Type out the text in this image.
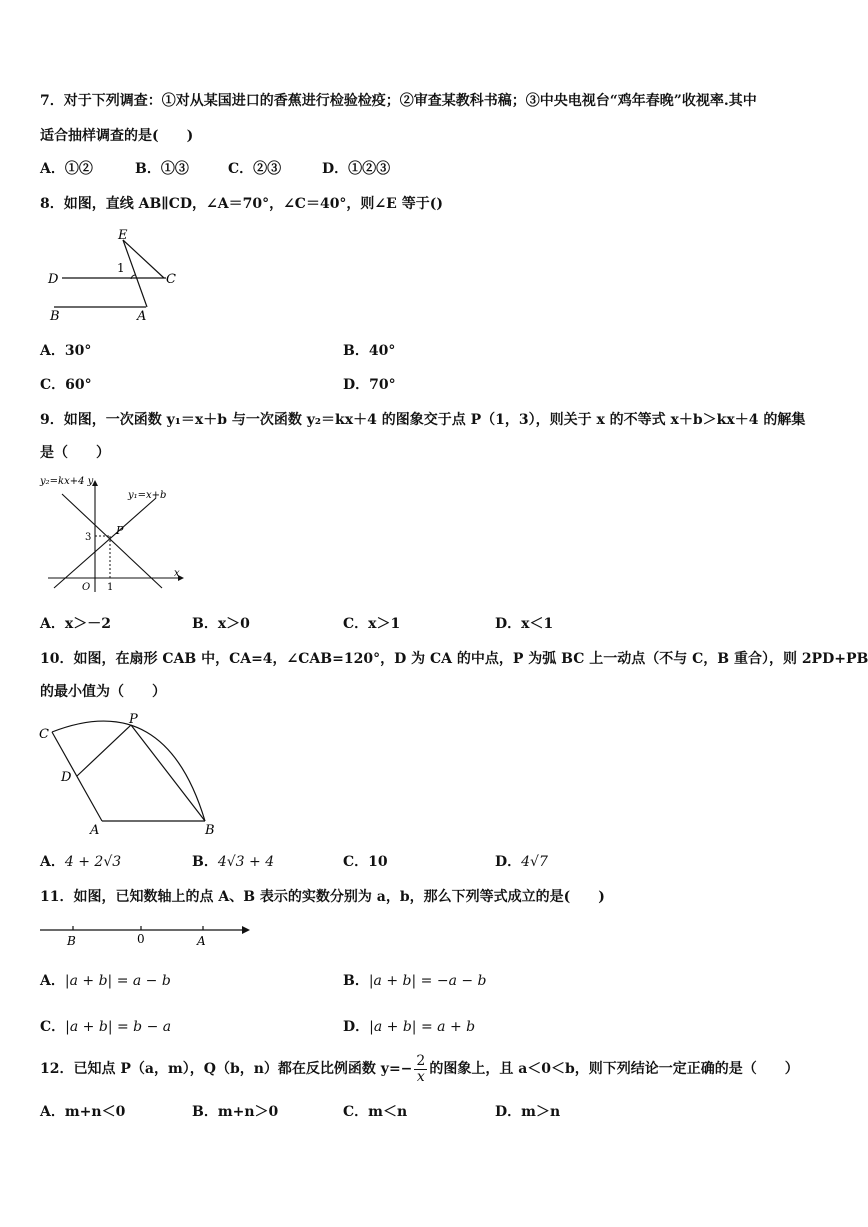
7．对于下列调查：①对从某国进口的香蕉进行检验检疫；②审查某教科书稿；③中央电视台“鸡年春晚”收视率.其中
适合抽样调查的是(　　)
A．①②	B．①③	C．②③	D．①②③
8．如图，直线 AB∥CD，∠A＝70°，∠C＝40°，则∠E 等于()
E
1
D	C
B	A
A．30°	B．40°
C．60°	D．70°
9．如图，一次函数 y₁＝x＋b 与一次函数 y₂＝kx＋4 的图象交于点 P（1，3），则关于 x 的不等式 x＋b＞kx＋4 的解集
是（　　）
y₂=kx+4 y
y₁=x+b
P
3
O 1
x
A．x＞－2	B．x＞0	C．x＞1	D．x＜1
10．如图，在扇形 CAB 中，CA=4，∠CAB=120°，D 为 CA 的中点，P 为弧 BC 上一动点（不与 C，B 重合），则 2PD+PB
的最小值为（　　）
C
P
D
A	B
A．4 + 2√3	B．4√3 + 4	C．10	D．4√7
11．如图，已知数轴上的点 A、B 表示的实数分别为 a，b，那么下列等式成立的是(　　)
B	0	A
A．|a + b| = a − b	B．|a + b| = −a − b
C．|a + b| = b − a	D．|a + b| = a + b
12．已知点 P（a，m），Q（b，n）都在反比例函数 $y=- \frac{2}{x}$ 的图象上，且 a＜0＜b，则下列结论一定正确的是（　　）
A．m+n＜0	B．m+n＞0	C．m＜n	D．m＞n
